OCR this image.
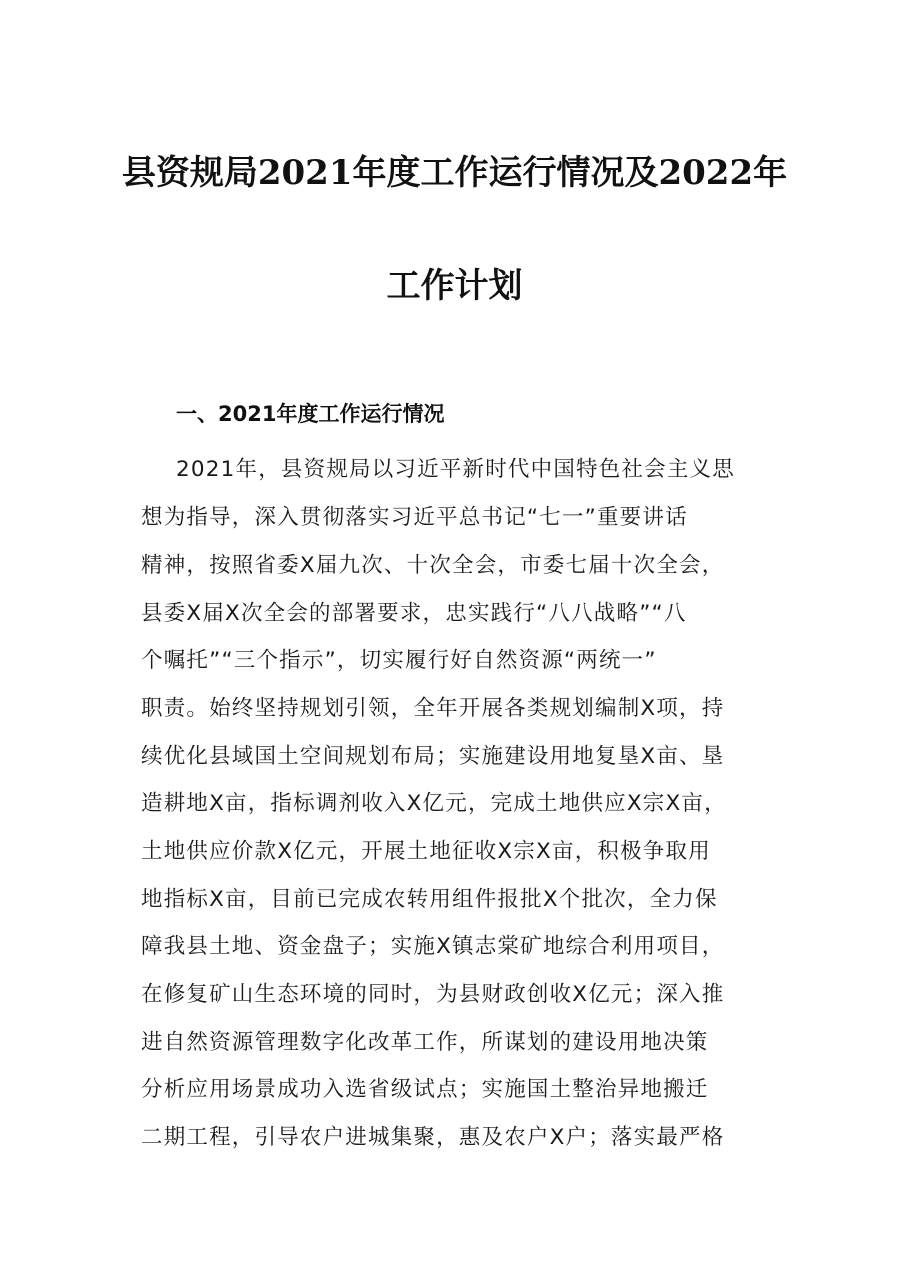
县资规局2021年度工作运行情况及2022年
工作计划
一、2021年度工作运行情况
2021年，县资规局以习近平新时代中国特色社会主义思
想为指导，深入贯彻落实习近平总书记“七一”重要讲话
精神，按照省委X届九次、十次全会，市委七届十次全会，
县委X届X次全会的部署要求，忠实践行“八八战略”“八
个嘱托”“三个指示”，切实履行好自然资源“两统一”
职责。始终坚持规划引领，全年开展各类规划编制X项，持
续优化县域国土空间规划布局；实施建设用地复垦X亩、垦
造耕地X亩，指标调剂收入X亿元，完成土地供应X宗X亩，
土地供应价款X亿元，开展土地征收X宗X亩，积极争取用
地指标X亩，目前已完成农转用组件报批X个批次，全力保
障我县土地、资金盘子；实施X镇志棠矿地综合利用项目，
在修复矿山生态环境的同时，为县财政创收X亿元；深入推
进自然资源管理数字化改革工作，所谋划的建设用地决策
分析应用场景成功入选省级试点；实施国土整治异地搬迁
二期工程，引导农户进城集聚，惠及农户X户；落实最严格
